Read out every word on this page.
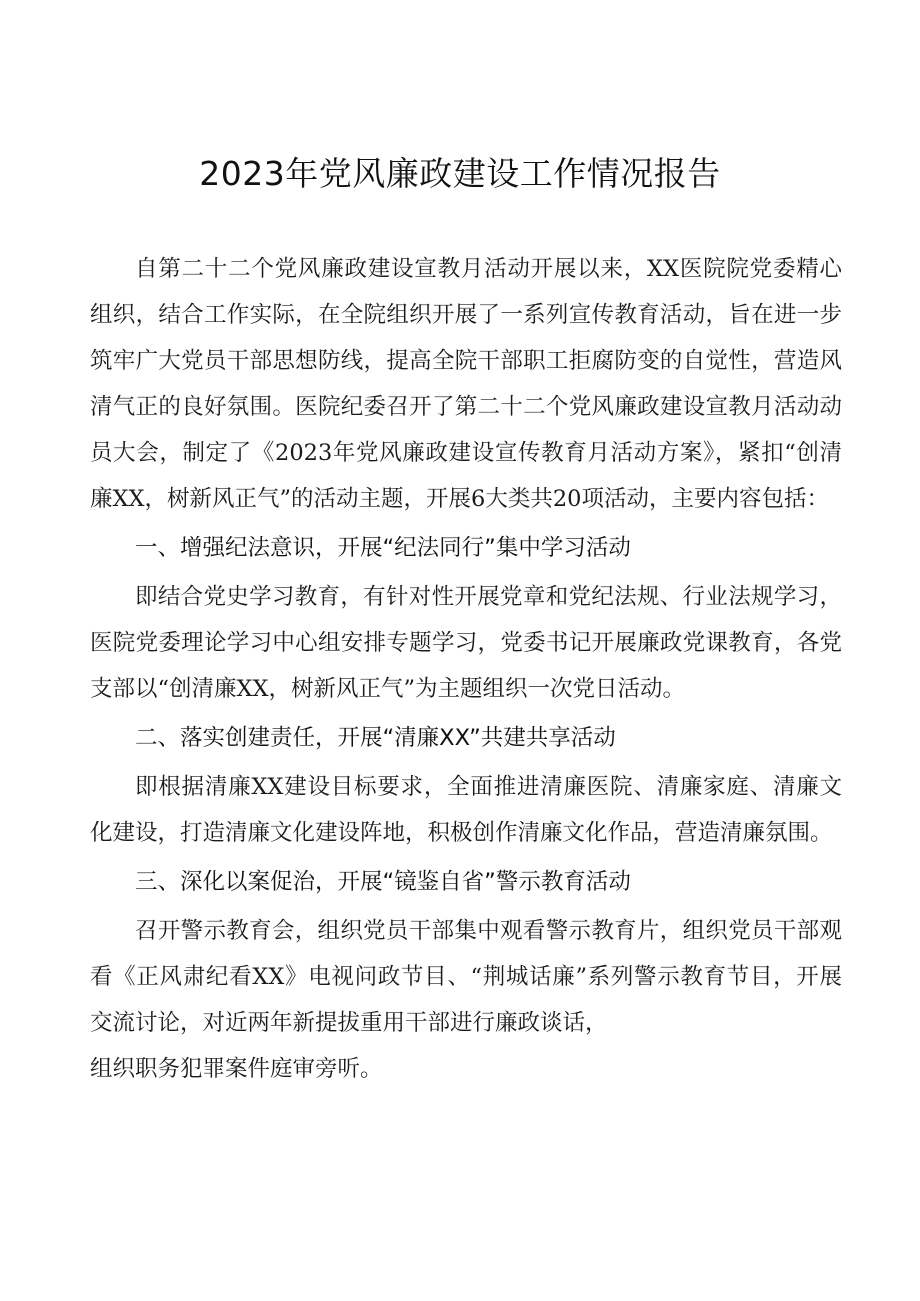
2023年党风廉政建设工作情况报告

自第二十二个党风廉政建设宣教月活动开展以来，XX医院院党委精心组织，结合工作实际，在全院组织开展了一系列宣传教育活动，旨在进一步筑牢广大党员干部思想防线，提高全院干部职工拒腐防变的自觉性，营造风清气正的良好氛围。医院纪委召开了第二十二个党风廉政建设宣教月活动动员大会，制定了《2023年党风廉政建设宣传教育月活动方案》，紧扣“创清廉XX，树新风正气”的活动主题，开展6大类共20项活动，主要内容包括：

一、增强纪法意识，开展“纪法同行”集中学习活动

即结合党史学习教育，有针对性开展党章和党纪法规、行业法规学习，医院党委理论学习中心组安排专题学习，党委书记开展廉政党课教育，各党支部以“创清廉XX，树新风正气”为主题组织一次党日活动。

二、落实创建责任，开展“清廉XX”共建共享活动

即根据清廉XX建设目标要求，全面推进清廉医院、清廉家庭、清廉文化建设，打造清廉文化建设阵地，积极创作清廉文化作品，营造清廉氛围。

三、深化以案促治，开展“镜鉴自省”警示教育活动

召开警示教育会，组织党员干部集中观看警示教育片，组织党员干部观看《正风肃纪看XX》电视问政节目、“荆城话廉”系列警示教育节目，开展交流讨论，对近两年新提拔重用干部进行廉政谈话，

组织职务犯罪案件庭审旁听。
